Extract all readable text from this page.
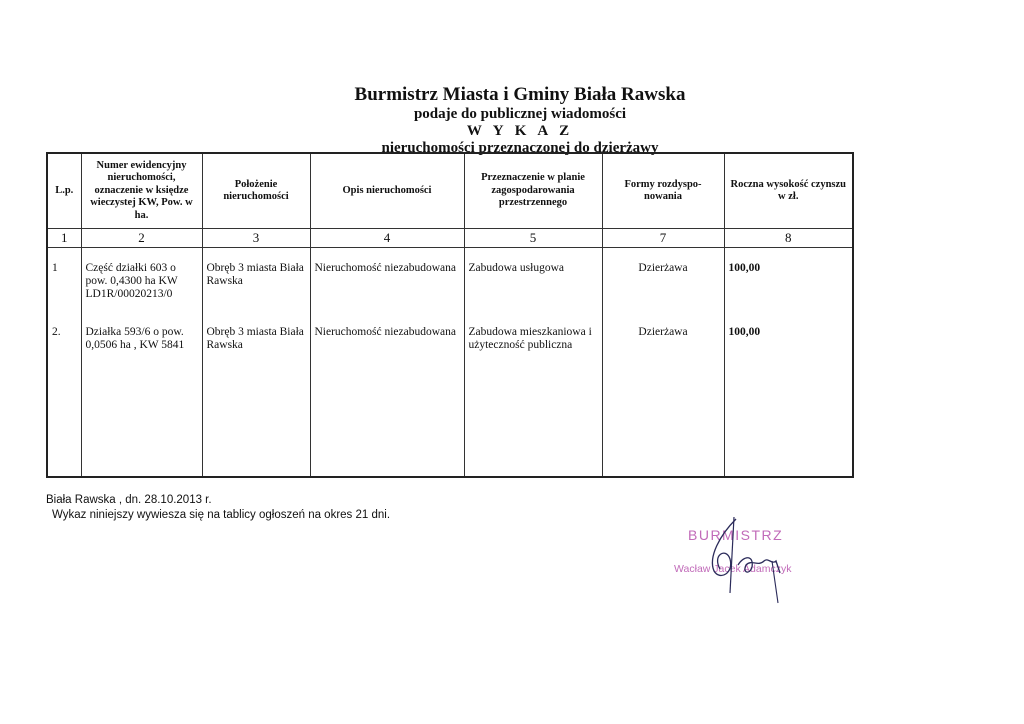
Burmistrz Miasta i Gminy Biała Rawska
podaje do publicznej wiadomości
W Y K A Z
nieruchomości przeznaczonej do dzierżawy
L.p.	Numer ewidencyjny nieruchomości, oznaczenie w księdze wieczystej KW, Pow. w ha.	Położenie nieruchomości	Opis nieruchomości	Przeznaczenie w planie zagospodarowania przestrzennego	Formy rozdyspo-nowania	Roczna wysokość czynszu w zł.
1	2	3	4	5	7	8

1	Część działki 603 o pow. 0,4300 ha KW LD1R/00020213/0	Obręb 3 miasta Biała Rawska	Nieruchomość niezabudowana	Zabudowa usługowa	Dzierżawa	100,00
2.	Działka 593/6 o pow. 0,0506 ha , KW 5841	Obręb 3 miasta Biała Rawska	Nieruchomość niezabudowana	Zabudowa mieszkaniowa i użyteczność publiczna	Dzierżawa	100,00

Biała Rawska , dn. 28.10.2013 r.
Wykaz niniejszy wywiesza się na tablicy ogłoszeń na okres 21 dni.
BURMISTRZ
Wacław Jacek Adamczyk
